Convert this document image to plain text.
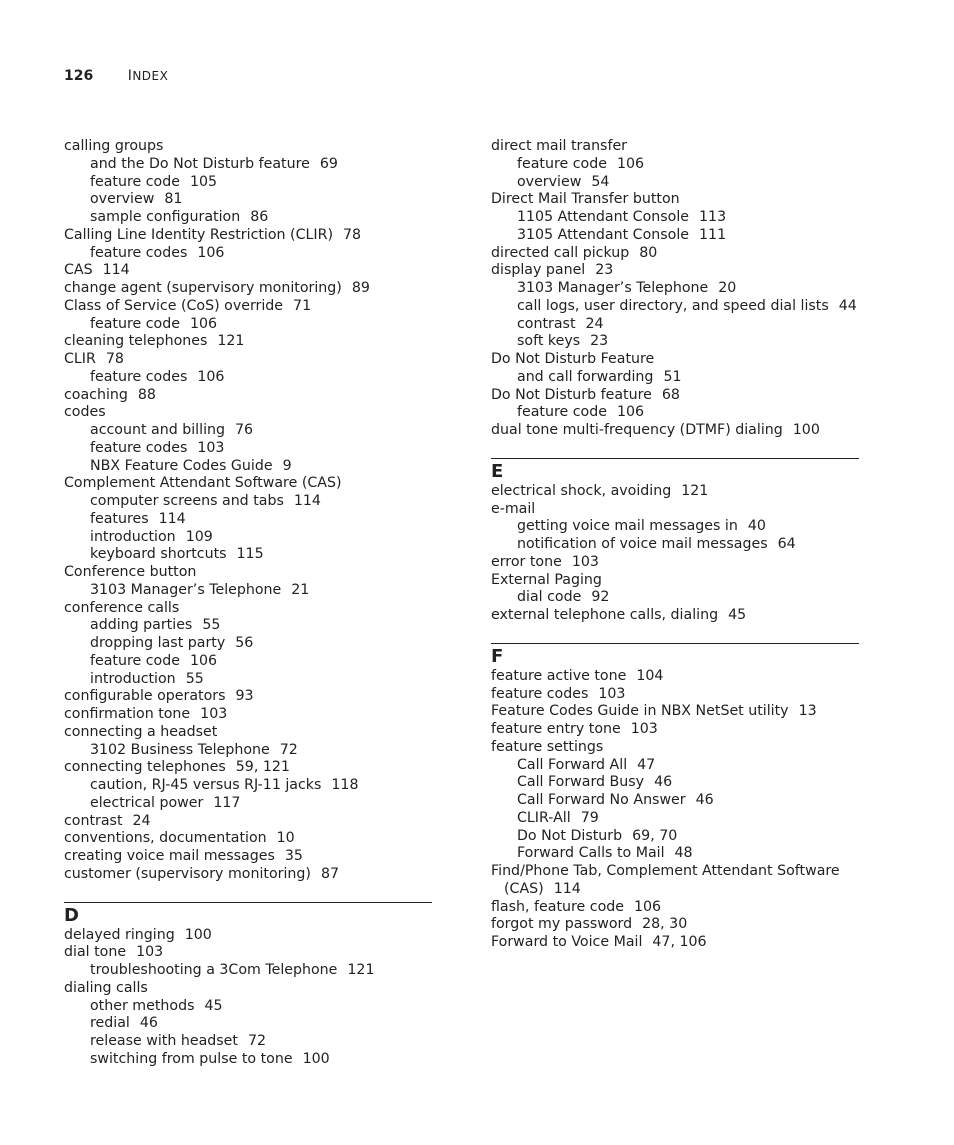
126 INDEX
calling groups
and the Do Not Disturb feature 69
feature code 105
overview 81
sample configuration 86
Calling Line Identity Restriction (CLIR) 78
feature codes 106
CAS 114
change agent (supervisory monitoring) 89
Class of Service (CoS) override 71
feature code 106
cleaning telephones 121
CLIR 78
feature codes 106
coaching 88
codes
account and billing 76
feature codes 103
NBX Feature Codes Guide 9
Complement Attendant Software (CAS)
computer screens and tabs 114
features 114
introduction 109
keyboard shortcuts 115
Conference button
3103 Manager’s Telephone 21
conference calls
adding parties 55
dropping last party 56
feature code 106
introduction 55
configurable operators 93
confirmation tone 103
connecting a headset
3102 Business Telephone 72
connecting telephones 59, 121
caution, RJ-45 versus RJ-11 jacks 118
electrical power 117
contrast 24
conventions, documentation 10
creating voice mail messages 35
customer (supervisory monitoring) 87
D
delayed ringing 100
dial tone 103
troubleshooting a 3Com Telephone 121
dialing calls
other methods 45
redial 46
release with headset 72
switching from pulse to tone 100
direct mail transfer
feature code 106
overview 54
Direct Mail Transfer button
1105 Attendant Console 113
3105 Attendant Console 111
directed call pickup 80
display panel 23
3103 Manager’s Telephone 20
call logs, user directory, and speed dial lists 44
contrast 24
soft keys 23
Do Not Disturb Feature
and call forwarding 51
Do Not Disturb feature 68
feature code 106
dual tone multi-frequency (DTMF) dialing 100
E
electrical shock, avoiding 121
e-mail
getting voice mail messages in 40
notification of voice mail messages 64
error tone 103
External Paging
dial code 92
external telephone calls, dialing 45
F
feature active tone 104
feature codes 103
Feature Codes Guide in NBX NetSet utility 13
feature entry tone 103
feature settings
Call Forward All 47
Call Forward Busy 46
Call Forward No Answer 46
CLIR-All 79
Do Not Disturb 69, 70
Forward Calls to Mail 48
Find/Phone Tab, Complement Attendant Software
(CAS) 114
flash, feature code 106
forgot my password 28, 30
Forward to Voice Mail 47, 106
